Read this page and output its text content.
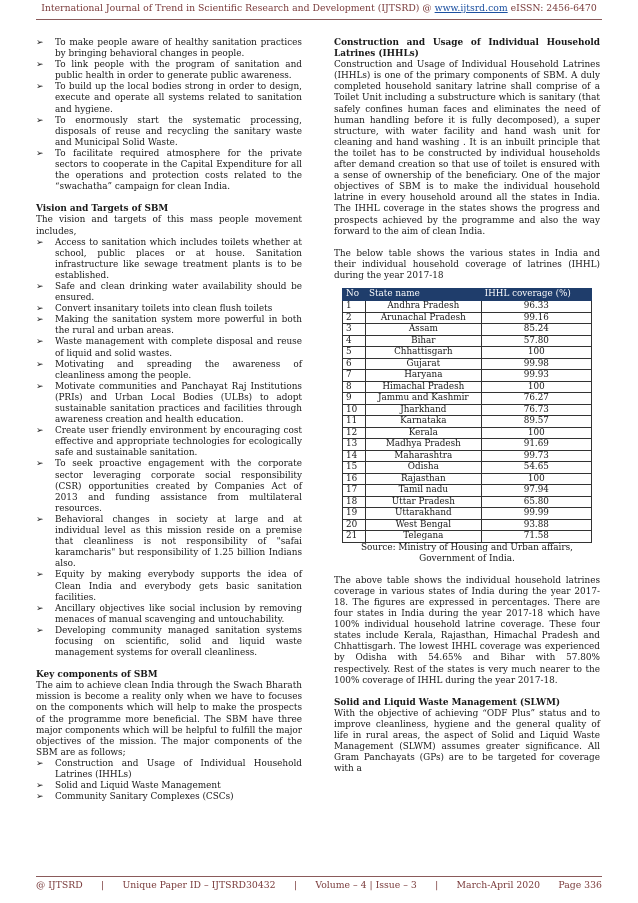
International Journal of Trend in Scientific Research and Development (IJTSRD) @ www.ijtsrd.com eISSN: 2456-6470
➢ To make people aware of healthy sanitation practices by bringing behavioral changes in people.
➢ To link people with the program of sanitation and public health in order to generate public awareness.
➢ To build up the local bodies strong in order to design, execute and operate all systems related to sanitation and hygiene.
➢ To enormously start the systematic processing, disposals of reuse and recycling the sanitary waste and Municipal Solid Waste.
➢ To facilitate required atmosphere for the private sectors to cooperate in the Capital Expenditure for all the operations and protection costs related to the “swachatha” campaign for clean India.
Vision and Targets of SBM

The vision and targets of this mass people movement includes,

➢ Access to sanitation which includes toilets whether at school, public places or at house. Sanitation infrastructure like sewage treatment plants is to be established.
➢ Safe and clean drinking water availability should be ensured.
➢ Convert insanitary toilets into clean flush toilets
➢ Making the sanitation system more powerful in both the rural and urban areas.
➢ Waste management with complete disposal and reuse of liquid and solid wastes.
➢ Motivating and spreading the awareness of cleanliness among the people.
➢ Motivate communities and Panchayat Raj Institutions (PRIs) and Urban Local Bodies (ULBs) to adopt sustainable sanitation practices and facilities through awareness creation and health education.
➢ Create user friendly environment by encouraging cost effective and appropriate technologies for ecologically safe and sustainable sanitation.
➢ To seek proactive engagement with the corporate sector leveraging corporate social responsibility (CSR) opportunities created by Companies Act of 2013 and funding assistance from multilateral resources.
➢ Behavioral changes in society at large and at individual level as this mission reside on a premise that cleanliness is not responsibility of "safai karamcharis" but responsibility of 1.25 billion Indians also.
➢ Equity by making everybody supports the idea of Clean India and everybody gets basic sanitation facilities.
➢ Ancillary objectives like social inclusion by removing menaces of manual scavenging and untouchability.
➢ Developing community managed sanitation systems focusing on scientific, solid and liquid waste management systems for overall cleanliness.
Key components of SBM

The aim to achieve clean India through the Swach Bharath mission is become a reality only when we have to focuses on the components which will help to make the prospects of the programme more beneficial. The SBM have three major components which will be helpful to fulfill the major objectives of the mission. The major components of the SBM are as follows;

➢ Construction and Usage of Individual Household Latrines (IHHLs)
➢ Solid and Liquid Waste Management
➢ Community Sanitary Complexes (CSCs)
Construction and Usage of Individual Household Latrines (IHHLs)

Construction and Usage of Individual Household Latrines (IHHLs) is one of the primary components of SBM. A duly completed household sanitary latrine shall comprise of a Toilet Unit including a substructure which is sanitary (that safely confines human faces and eliminates the need of human handling before it is fully decomposed), a super structure, with water facility and hand wash unit for cleaning and hand washing . It is an inbuilt principle that the toilet has to be constructed by individual households after demand creation so that use of toilet is ensured with a sense of ownership of the beneficiary. One of the major objectives of SBM is to make the individual household latrine in every household around all the states in India. The IHHL coverage in the states shows the progress and prospects achieved by the programme and also the way forward to the aim of clean India.

The below table shows the various states in India and their individual household coverage of latrines (IHHL) during the year 2017-18

No	State name	IHHL coverage (%)
1	Andhra Pradesh	96.33
2	Arunachal Pradesh	99.16
3	Assam	85.24
4	Bihar	57.80
5	Chhattisgarh	100
6	Gujarat	99.98
7	Haryana	99.93
8	Himachal Pradesh	100
9	Jammu and Kashmir	76.27
10	Jharkhand	76.73
11	Karnataka	89.57
12	Kerala	100
13	Madhya Pradesh	91.69
14	Maharashtra	99.73
15	Odisha	54.65
16	Rajasthan	100
17	Tamil nadu	97.94
18	Uttar Pradesh	65.80
19	Uttarakhand	99.99
20	West Bengal	93.88
21	Telegana	71.58

Source: Ministry of Housing and Urban affairs, Government of India.

The above table shows the individual household latrines coverage in various states of India during the year 2017-18. The figures are expressed in percentages. There are four states in India during the year 2017-18 which have 100% individual household latrine coverage. These four states include Kerala, Rajasthan, Himachal Pradesh and Chhattisgarh. The lowest IHHL coverage was experienced by Odisha with 54.65% and Bihar with 57.80% respectively. Rest of the states is very much nearer to the 100% coverage of IHHL during the year 2017-18.

Solid and Liquid Waste Management (SLWM)

With the objective of achieving “ODF Plus” status and to improve cleanliness, hygiene and the general quality of life in rural areas, the aspect of Solid and Liquid Waste Management (SLWM) assumes greater significance. All Gram Panchayats (GPs) are to be targeted for coverage with a

@ IJTSRD | Unique Paper ID – IJTSRD30432 | Volume – 4 | Issue – 3 | March-April 2020 Page 336
